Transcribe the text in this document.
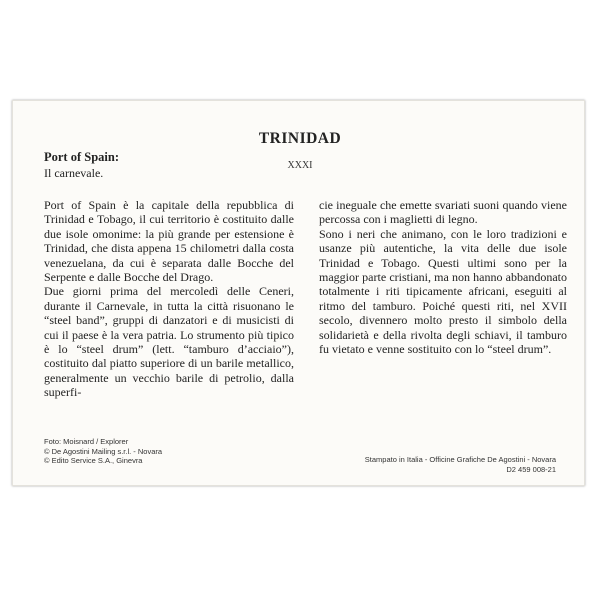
TRINIDAD
XXXI
Port of Spain:
Il carnevale.

Port of Spain è la capitale della repubblica di Trinidad e Tobago, il cui territorio è costituito dalle due isole omonime: la più grande per estensione è Trinidad, che dista appena 15 chilometri dalla costa venezuelana, da cui è separata dalle Bocche del Serpente e dalle Bocche del Drago.

Due giorni prima del mercoledì delle Ceneri, durante il Carnevale, in tutta la città risuonano le “steel band”, gruppi di danzatori e di musicisti di cui il paese è la vera patria. Lo strumento più tipico è lo “steel drum” (lett. “tamburo d’acciaio”), costituito dal piatto superiore di un barile metallico, generalmente un vecchio barile di petrolio, dalla superfi-

cie ineguale che emette svariati suoni quando viene percossa con i maglietti di legno.

Sono i neri che animano, con le loro tradizioni e usanze più autentiche, la vita delle due isole Trinidad e Tobago. Questi ultimi sono per la maggior parte cristiani, ma non hanno abbandonato totalmente i riti tipicamente africani, eseguiti al ritmo del tamburo. Poiché questi riti, nel XVII secolo, divennero molto presto il simbolo della solidarietà e della rivolta degli schiavi, il tamburo fu vietato e venne sostituito con lo “steel drum”.

Foto: Moisnard / Explorer
© De Agostini Mailing s.r.l. - Novara
© Edito Service S.A., Ginevra	Stampato in Italia - Officine Grafiche De Agostini - Novara
D2 459 008-21
